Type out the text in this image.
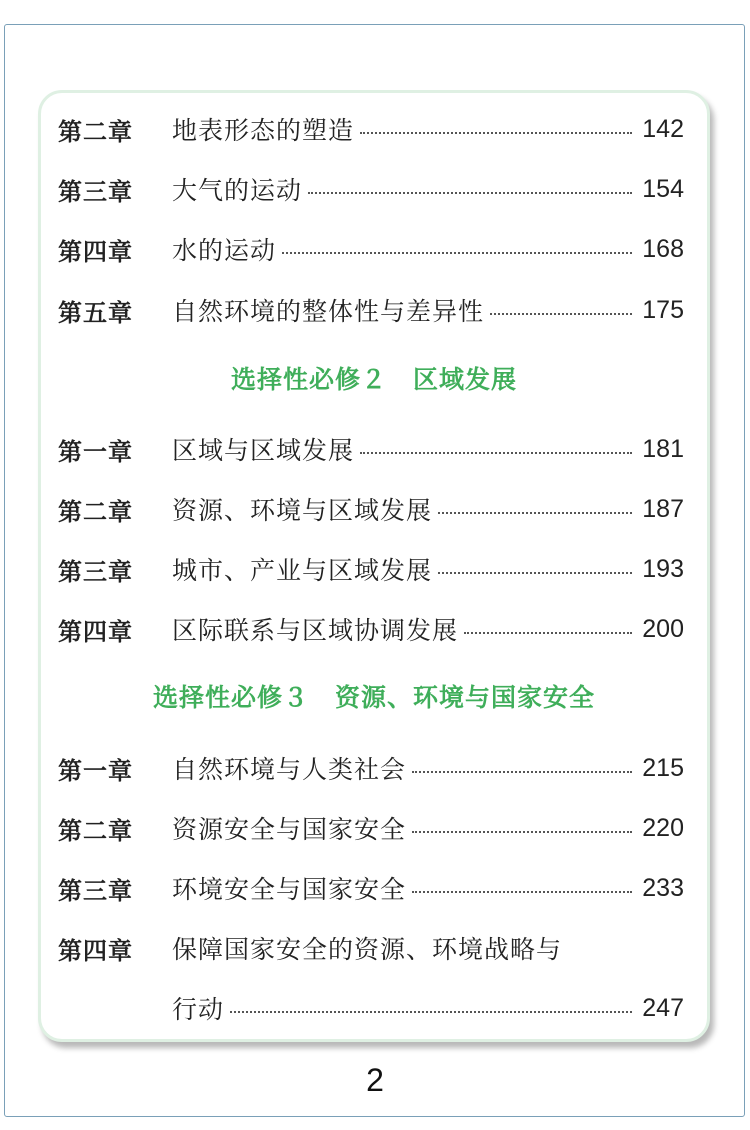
第二章	地表形态的塑造	142
第三章	大气的运动	154
第四章	水的运动	168
第五章	自然环境的整体性与差异性	175
选择性必修２　区域发展
第一章	区域与区域发展	181
第二章	资源、环境与区域发展	187
第三章	城市、产业与区域发展	193
第四章	区际联系与区域协调发展	200
选择性必修３　资源、环境与国家安全
第一章	自然环境与人类社会	215
第二章	资源安全与国家安全	220
第三章	环境安全与国家安全	233
第四章	保障国家安全的资源、环境战略与
行动	247
2
